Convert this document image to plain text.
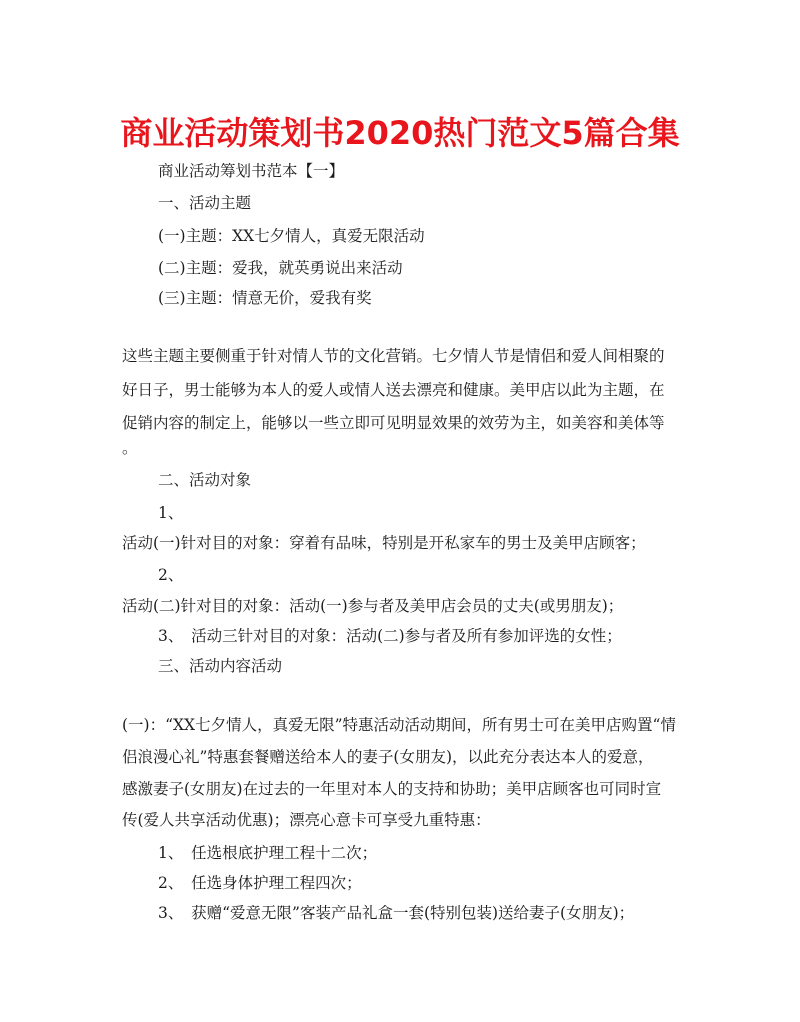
商业活动策划书2020热门范文5篇合集
商业活动筹划书范本【一】
一、活动主题
(一)主题：XX七夕情人，真爱无限活动
(二)主题：爱我，就英勇说出来活动
(三)主题：情意无价，爱我有奖
这些主题主要侧重于针对情人节的文化营销。七夕情人节是情侣和爱人间相聚的
好日子，男士能够为本人的爱人或情人送去漂亮和健康。美甲店以此为主题，在
促销内容的制定上，能够以一些立即可见明显效果的效劳为主，如美容和美体等
。
二、活动对象
1、
活动(一)针对目的对象：穿着有品味，特别是开私家车的男士及美甲店顾客；
2、
活动(二)针对目的对象：活动(一)参与者及美甲店会员的丈夫(或男朋友)；
3、　活动三针对目的对象：活动(二)参与者及所有参加评选的女性；
三、活动内容活动
(一)：“XX七夕情人，真爱无限”特惠活动活动期间，所有男士可在美甲店购置“情
侣浪漫心礼”特惠套餐赠送给本人的妻子(女朋友)，以此充分表达本人的爱意，
感激妻子(女朋友)在过去的一年里对本人的支持和协助；美甲店顾客也可同时宣
传(爱人共享活动优惠)；漂亮心意卡可享受九重特惠：
1、　任选根底护理工程十二次；
2、　任选身体护理工程四次；
3、　获赠“爱意无限”客装产品礼盒一套(特别包装)送给妻子(女朋友)；
